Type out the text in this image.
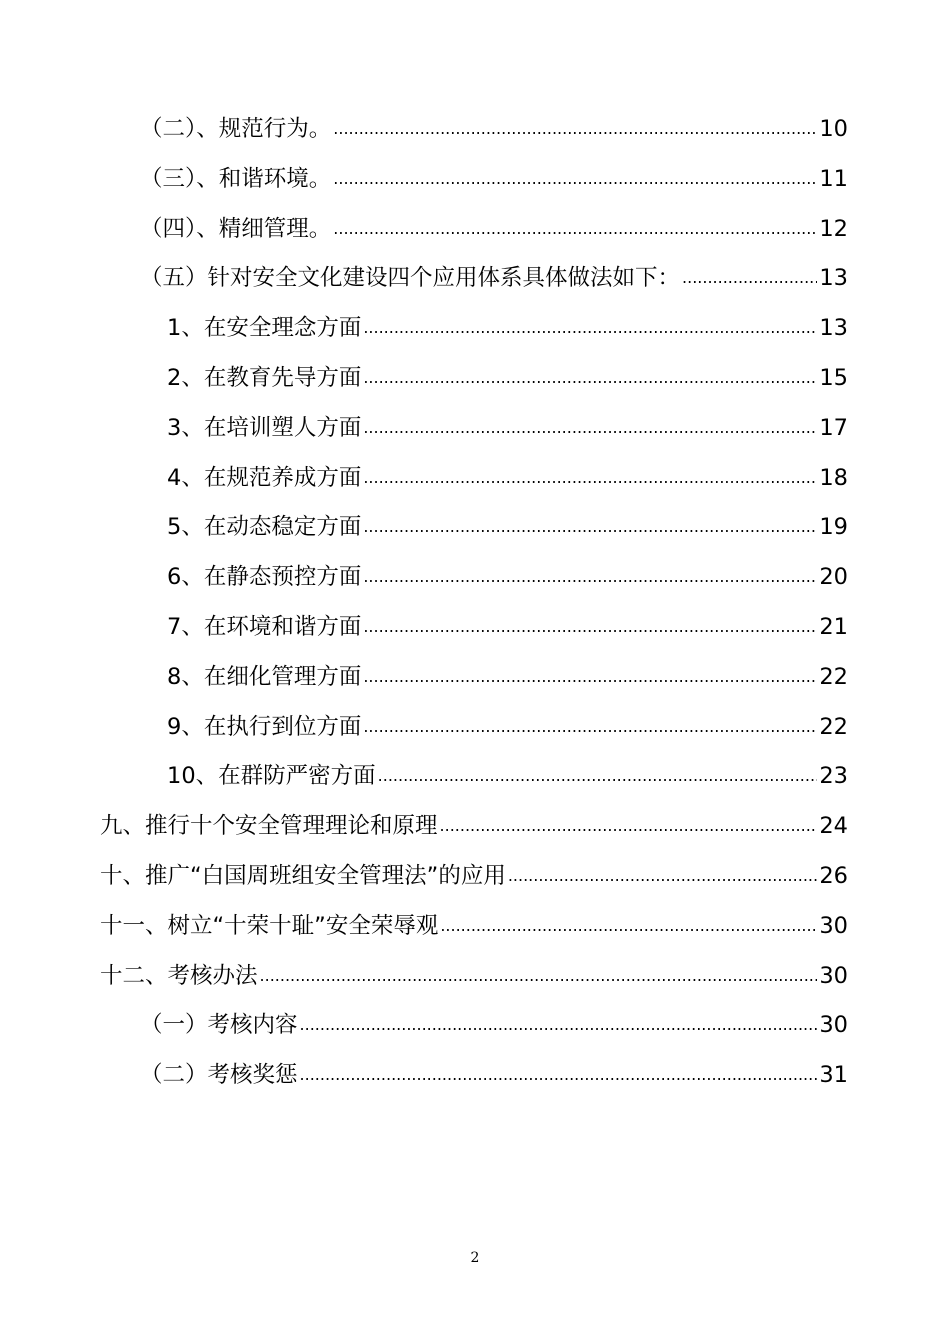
（二）、规范行为。 .....	10
（三）、和谐环境。 .....	11
（四）、精细管理。 .....	12
（五）针对安全文化建设四个应用体系具体做法如下： .....	13
1、在安全理念方面 .....	13
2、在教育先导方面 .....	15
3、在培训塑人方面 .....	17
4、在规范养成方面 .....	18
5、在动态稳定方面 .....	19
6、在静态预控方面 .....	20
7、在环境和谐方面 .....	21
8、在细化管理方面 .....	22
9、在执行到位方面 .....	22
10、在群防严密方面 .....	23
九、推行十个安全管理理论和原理 .....	24
十、推广“白国周班组安全管理法”的应用 .....	26
十一、树立“十荣十耻”安全荣辱观 .....	30
十二、考核办法 .....	30
（一）考核内容 .....	30
（二）考核奖惩 .....	31
2
